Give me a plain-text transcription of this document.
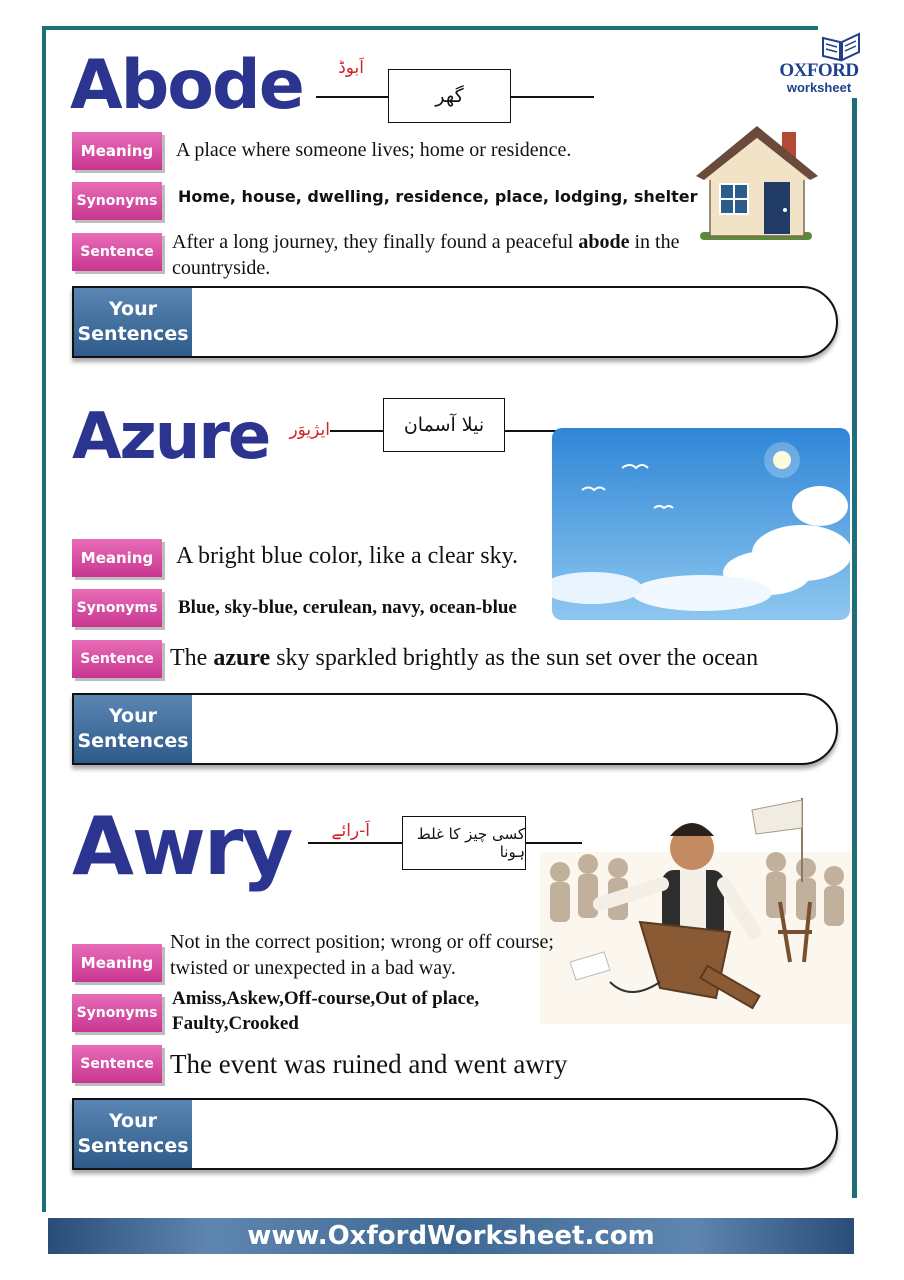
OXFORD
worksheet
Abode	اَبوڈ
گھر
Meaning	A place where someone lives; home or residence.
Synonyms Home, house, dwelling, residence, place, lodging, shelter
Sentence After a long journey, they finally found a peaceful abode in the countryside.
Your
Sentences
Azure	ایژیوَر	نیلا آسمان
Meaning A bright blue color, like a clear sky.
Synonyms Blue, sky-blue, cerulean, navy, ocean-blue
Sentence The azure sky sparkled brightly as the sun set over the ocean
Your
Sentences
Awry	اَ-رائے	کسی چیز کا غلط ہونا
Meaning
Not in the correct position; wrong or off course; twisted or unexpected in a bad way.
Synonyms
Amiss,Askew,Off-course,Out of place,
Faulty,Crooked
Sentence The event was ruined and went awry
Your
Sentences
www.OxfordWorksheet.com
